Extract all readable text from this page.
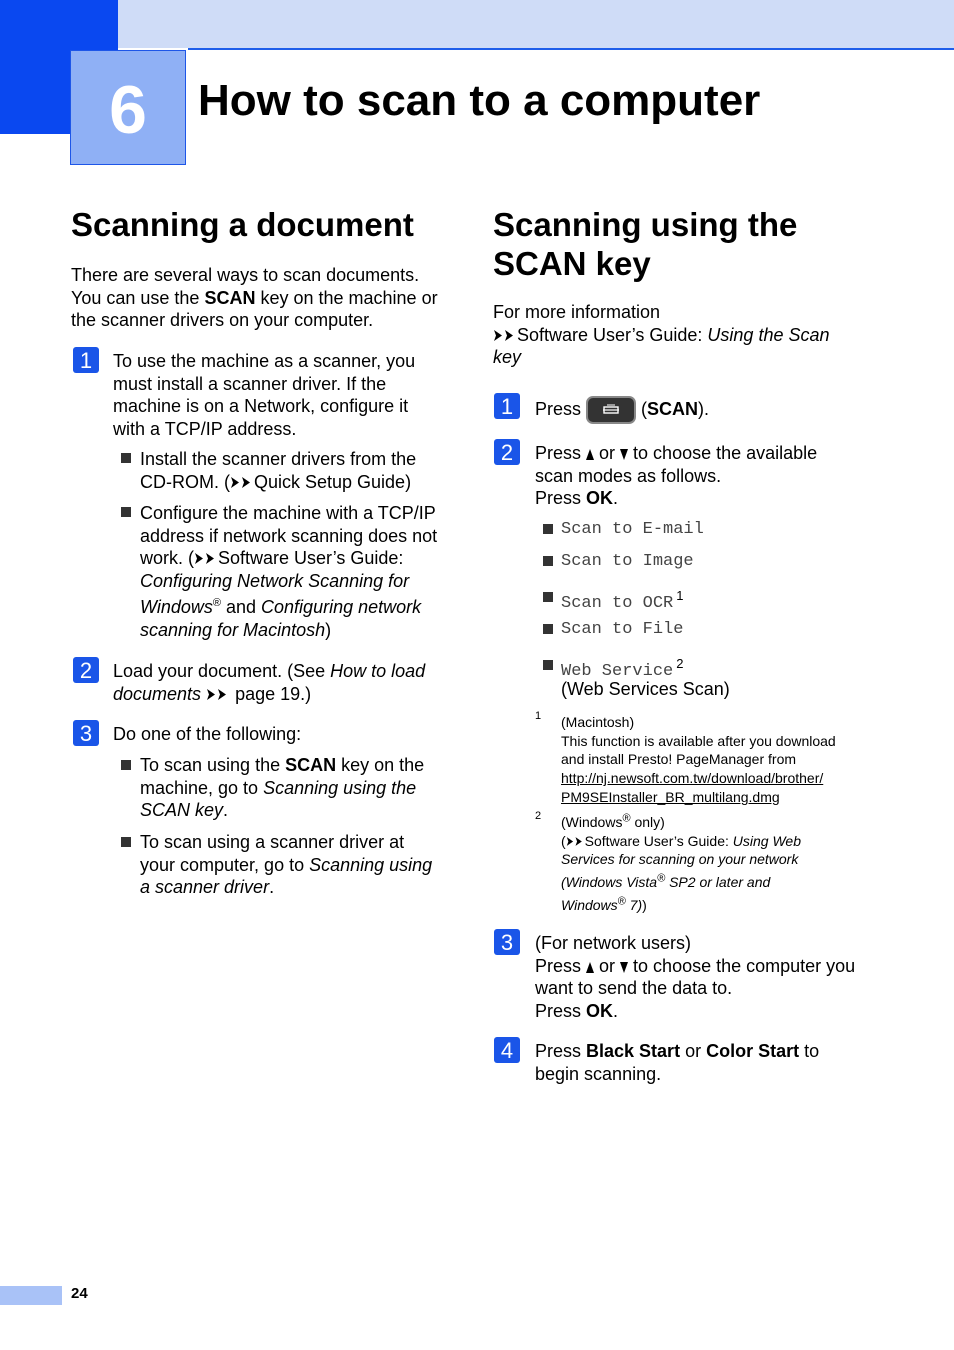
6	How to scan to a computer
Scanning a document
There are several ways to scan documents.
You can use the SCAN key on the machine or
the scanner drivers on your computer.
1	To use the machine as a scanner, you
must install a scanner driver. If the
machine is on a Network, configure it
with a TCP/IP address.
Install the scanner drivers from the
CD-ROM. ( Quick Setup Guide)
Configure the machine with a TCP/IP
address if network scanning does not
work. ( Software User’s Guide:
Configuring Network Scanning for
Windows® and Configuring network
scanning for Macintosh)
2	Load your document. (See How to load
documents page 19.)
3	Do one of the following:
To scan using the SCAN key on the
machine, go to Scanning using the
SCAN key.
To scan using a scanner driver at
your computer, go to Scanning using
a scanner driver.
Scanning using the
SCAN key
For more information
Software User’s Guide: Using the Scan
key
1	Press	(SCAN).
2	Press  or  to choose the available
scan modes as follows.
Press OK.
Scan to E-mail
Scan to Image
Scan to OCR $^1$
Scan to File
Web Service $^2$
(Web Services Scan)
1 (Macintosh)
This function is available after you download
and install Presto! PageManager from
http://nj.newsoft.com.tw/download/brother/
PM9SEInstaller_BR_multilang.dmg
2 (Windows® only)
( Software User’s Guide: Using Web
Services for scanning on your network
(Windows Vista® SP2 or later and
Windows® 7))
3	(For network users)
Press  or  to choose the computer you
want to send the data to.
Press OK.
4	Press Black Start or Color Start to
begin scanning.
24
